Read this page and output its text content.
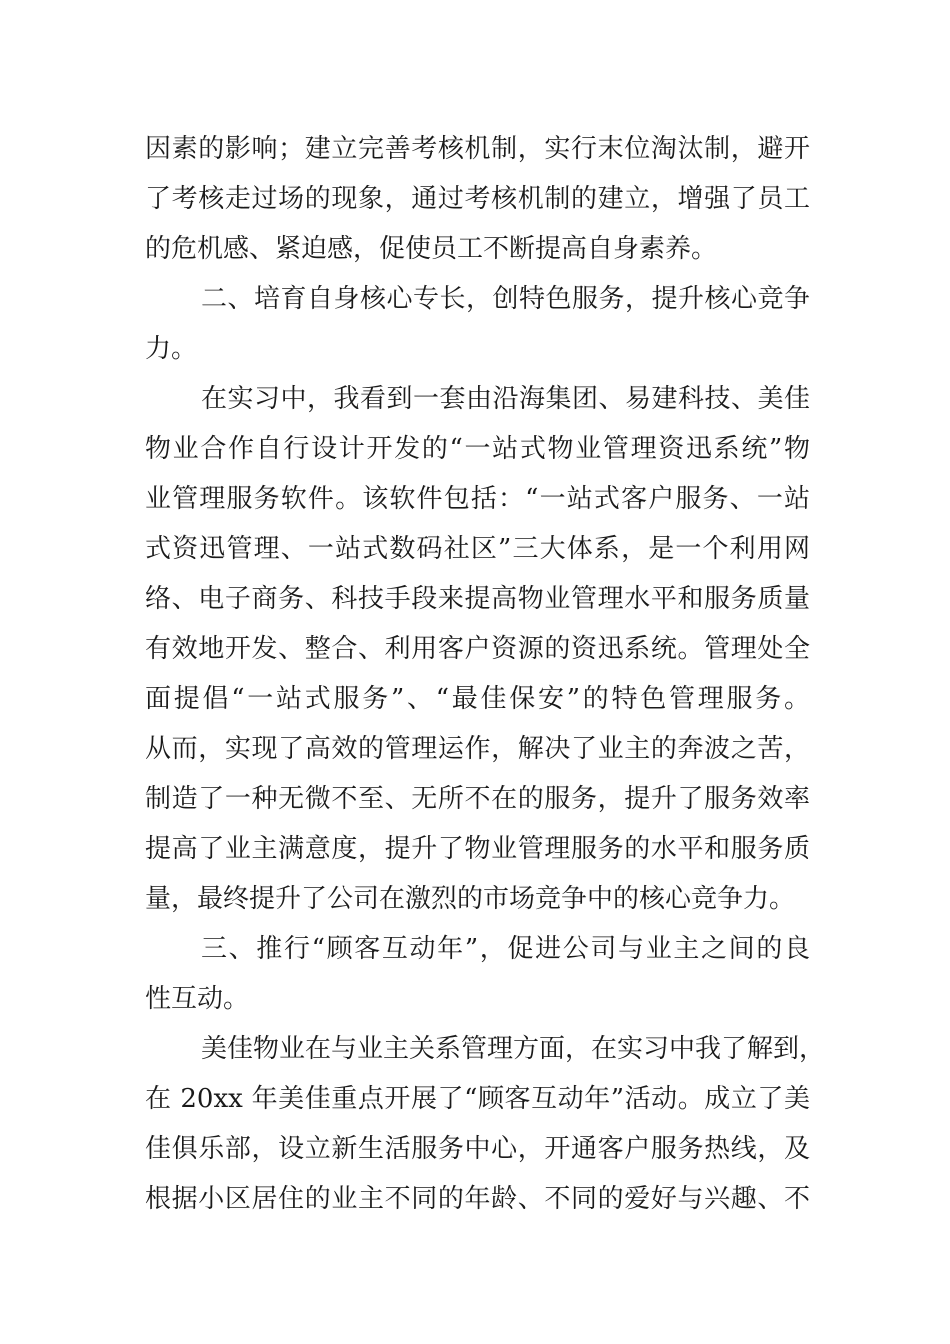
因素的影响；建立完善考核机制，实行末位淘汰制，避开
了考核走过场的现象，通过考核机制的建立，增强了员工
的危机感、紧迫感，促使员工不断提高自身素养。
二、培育自身核心专长，创特色服务，提升核心竞争
力。
在实习中，我看到一套由沿海集团、易建科技、美佳
物业合作自行设计开发的“一站式物业管理资迅系统”物
业管理服务软件。该软件包括：“一站式客户服务、一站
式资迅管理、一站式数码社区”三大体系，是一个利用网
络、电子商务、科技手段来提高物业管理水平和服务质量
有效地开发、整合、利用客户资源的资迅系统。管理处全
面提倡“一站式服务”、“最佳保安”的特色管理服务。
从而，实现了高效的管理运作，解决了业主的奔波之苦，
制造了一种无微不至、无所不在的服务，提升了服务效率
提高了业主满意度，提升了物业管理服务的水平和服务质
量，最终提升了公司在激烈的市场竞争中的核心竞争力。
三、推行“顾客互动年”，促进公司与业主之间的良
性互动。
美佳物业在与业主关系管理方面，在实习中我了解到，
在 20xx 年美佳重点开展了“顾客互动年”活动。成立了美
佳俱乐部，设立新生活服务中心，开通客户服务热线，及
根据小区居住的业主不同的年龄、不同的爱好与兴趣、不
